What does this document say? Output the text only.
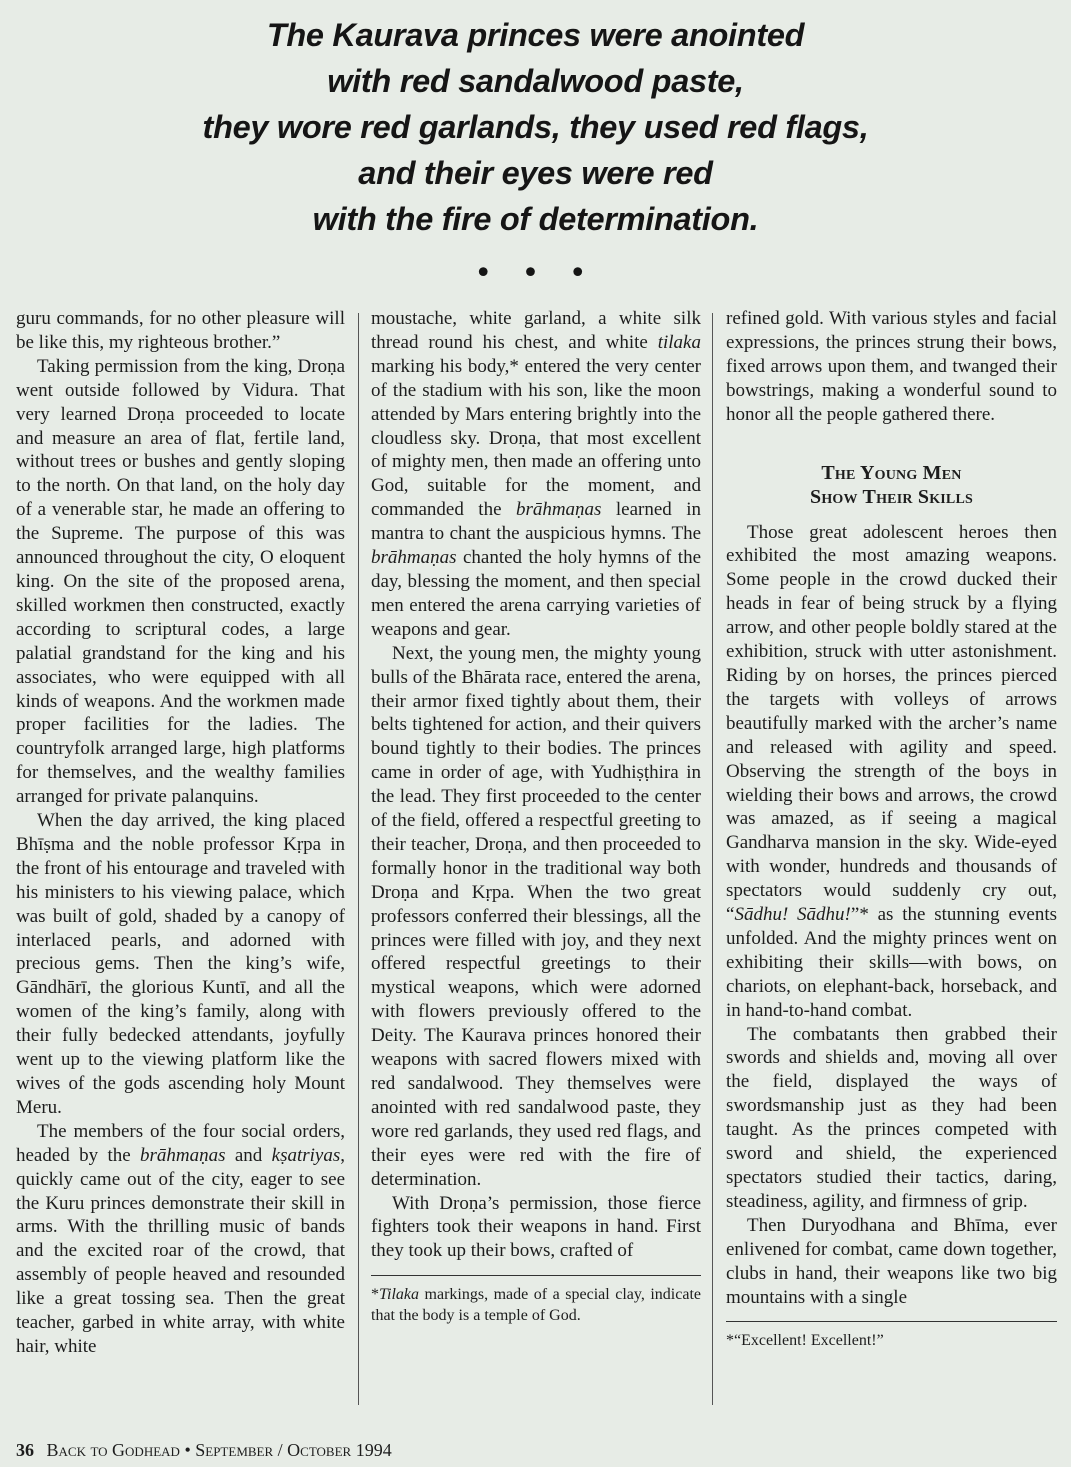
The Kaurava princes were anointed
with red sandalwood paste,
they wore red garlands, they used red flags,
and their eyes were red
with the fire of determination.
• • •

guru commands, for no other pleasure will be like this, my righteous brother.”

Taking permission from the king, Droṇa went outside followed by Vidura. That very learned Droṇa proceeded to locate and measure an area of flat, fertile land, without trees or bushes and gently sloping to the north. On that land, on the holy day of a venerable star, he made an offering to the Supreme. The purpose of this was announced throughout the city, O eloquent king. On the site of the proposed arena, skilled workmen then constructed, exactly according to scriptural codes, a large palatial grandstand for the king and his associates, who were equipped with all kinds of weapons. And the workmen made proper facilities for the ladies. The countryfolk arranged large, high platforms for themselves, and the wealthy families arranged for private palanquins.

When the day arrived, the king placed Bhīṣma and the noble professor Kṛpa in the front of his entourage and traveled with his ministers to his viewing palace, which was built of gold, shaded by a canopy of interlaced pearls, and adorned with precious gems. Then the king’s wife, Gāndhārī, the glorious Kuntī, and all the women of the king’s family, along with their fully bedecked attendants, joyfully went up to the viewing platform like the wives of the gods ascending holy Mount Meru.

The members of the four social orders, headed by the brāhmaṇas and kṣatriyas, quickly came out of the city, eager to see the Kuru princes demonstrate their skill in arms. With the thrilling music of bands and the excited roar of the crowd, that assembly of people heaved and resounded like a great tossing sea. Then the great teacher, garbed in white array, with white hair, white

moustache, white garland, a white silk thread round his chest, and white tilaka marking his body,* entered the very center of the stadium with his son, like the moon attended by Mars entering brightly into the cloudless sky. Droṇa, that most excellent of mighty men, then made an offering unto God, suitable for the moment, and commanded the brāhmaṇas learned in mantra to chant the auspicious hymns. The brāhmaṇas chanted the holy hymns of the day, blessing the moment, and then special men entered the arena carrying varieties of weapons and gear.

Next, the young men, the mighty young bulls of the Bhārata race, entered the arena, their armor fixed tightly about them, their belts tightened for action, and their quivers bound tightly to their bodies. The princes came in order of age, with Yudhiṣṭhira in the lead. They first proceeded to the center of the field, offered a respectful greeting to their teacher, Droṇa, and then proceeded to formally honor in the traditional way both Droṇa and Kṛpa. When the two great professors conferred their blessings, all the princes were filled with joy, and they next offered respectful greetings to their mystical weapons, which were adorned with flowers previously offered to the Deity. The Kaurava princes honored their weapons with sacred flowers mixed with red sandalwood. They themselves were anointed with red sandalwood paste, they wore red garlands, they used red flags, and their eyes were red with the fire of determination.

With Droṇa’s permission, those fierce fighters took their weapons in hand. First they took up their bows, crafted of

*Tilaka markings, made of a special clay, indicate that the body is a temple of God.

refined gold. With various styles and facial expressions, the princes strung their bows, fixed arrows upon them, and twanged their bowstrings, making a wonderful sound to honor all the people gathered there.

The Young Men
Show Their Skills

Those great adolescent heroes then exhibited the most amazing weapons. Some people in the crowd ducked their heads in fear of being struck by a flying arrow, and other people boldly stared at the exhibition, struck with utter astonishment. Riding by on horses, the princes pierced the targets with volleys of arrows beautifully marked with the archer’s name and released with agility and speed. Observing the strength of the boys in wielding their bows and arrows, the crowd was amazed, as if seeing a magical Gandharva mansion in the sky. Wide-eyed with wonder, hundreds and thousands of spectators would suddenly cry out, “Sādhu! Sādhu!”* as the stunning events unfolded. And the mighty princes went on exhibiting their skills—with bows, on chariots, on elephant-back, horseback, and in hand-to-hand combat.

The combatants then grabbed their swords and shields and, moving all over the field, displayed the ways of swordsmanship just as they had been taught. As the princes competed with sword and shield, the experienced spectators studied their tactics, daring, steadiness, agility, and firmness of grip.

Then Duryodhana and Bhīma, ever enlivened for combat, came down together, clubs in hand, their weapons like two big mountains with a single

*“Excellent! Excellent!”

36 Back to Godhead • September / October 1994
